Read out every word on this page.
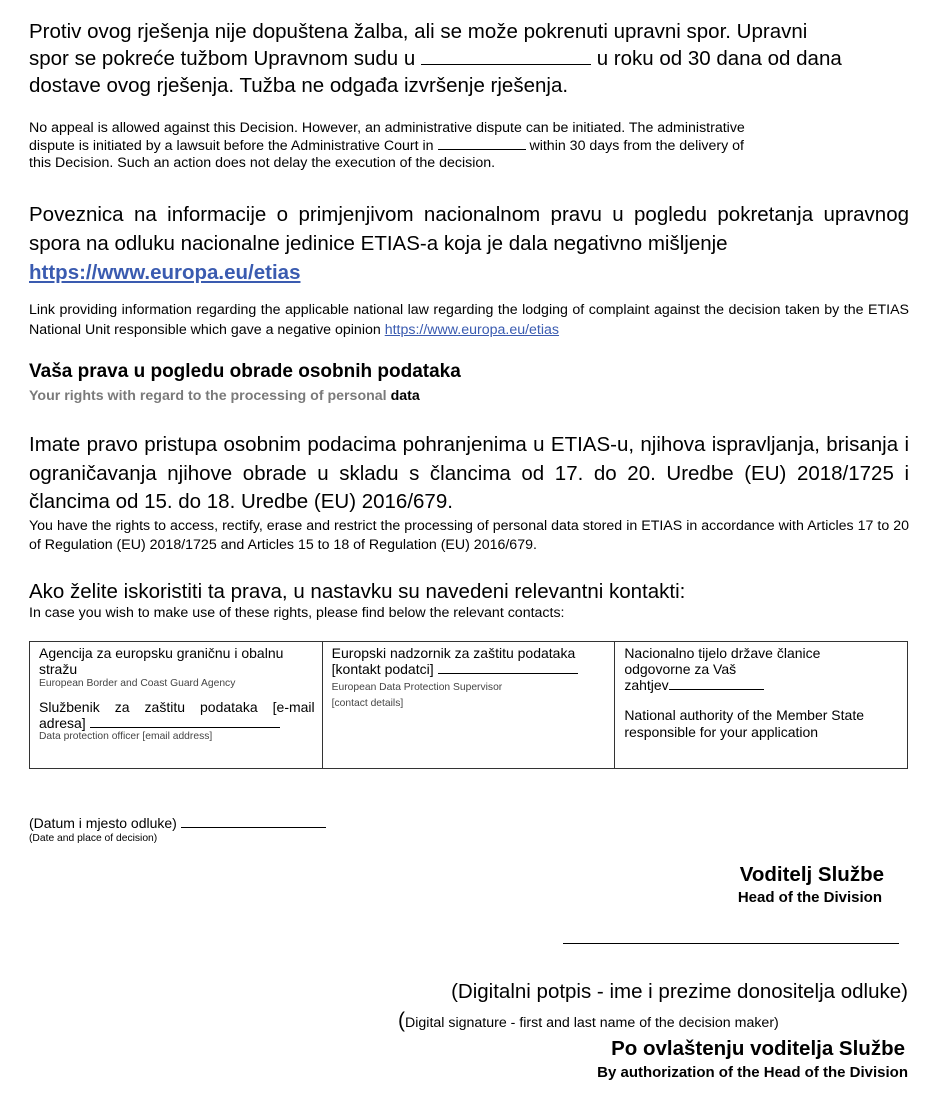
Protiv ovog rješenja nije dopuštena žalba, ali se može pokrenuti upravni spor. Upravni
spor se pokreće tužbom Upravnom sudu u	u roku od 30 dana od dana
dostave ovog rješenja. Tužba ne odgađa izvršenje rješenja.
No appeal is allowed against this Decision. However, an administrative dispute can be initiated. The administrative
dispute is initiated by a lawsuit before the Administrative Court in	within 30 days from the delivery of
this Decision. Such an action does not delay the execution of the decision.
Poveznica na informacije o primjenjivom nacionalnom pravu u pogledu pokretanja upravnog spora na odluku nacionalne jedinice ETIAS-a koja je dala negativno mišljenje
https://www.europa.eu/etias
Link providing information regarding the applicable national law regarding the lodging of complaint against the decision taken by the ETIAS National Unit responsible which gave a negative opinion https://www.europa.eu/etias
Vaša prava u pogledu obrade osobnih podataka
Your rights with regard to the processing of personal data
Imate pravo pristupa osobnim podacima pohranjenima u ETIAS-u, njihova ispravljanja, brisanja i ograničavanja njihove obrade u skladu s člancima od 17. do 20. Uredbe (EU) 2018/1725 i člancima od 15. do 18. Uredbe (EU) 2016/679.
You have the rights to access, rectify, erase and restrict the processing of personal data stored in ETIAS in accordance with Articles 17 to 20 of Regulation (EU) 2018/1725 and Articles 15 to 18 of Regulation (EU) 2016/679.
Ako želite iskoristiti ta prava, u nastavku su navedeni relevantni kontakti:
In case you wish to make use of these rights, please find below the relevant contacts:
Agencija za europsku graničnu i obalnu stražu
European Border and Coast Guard Agency
Službenik za zaštitu podataka [e-mail adresa]
Data protection officer [email address]

Europski nadzornik za zaštitu podataka [kontakt podatci]
European Data Protection Supervisor
[contact details]

Nacionalno tijelo države članice odgovorne za Vaš
zahtjev
National authority of the Member State responsible for your application
(Datum i mjesto odluke)
(Date and place of decision)
Voditelj Službe
Head of the Division
(Digitalni potpis - ime i prezime donositelja odluke)
(Digital signature - first and last name of the decision maker)
Po ovlaštenju voditelja Službe
By authorization of the Head of the Division
